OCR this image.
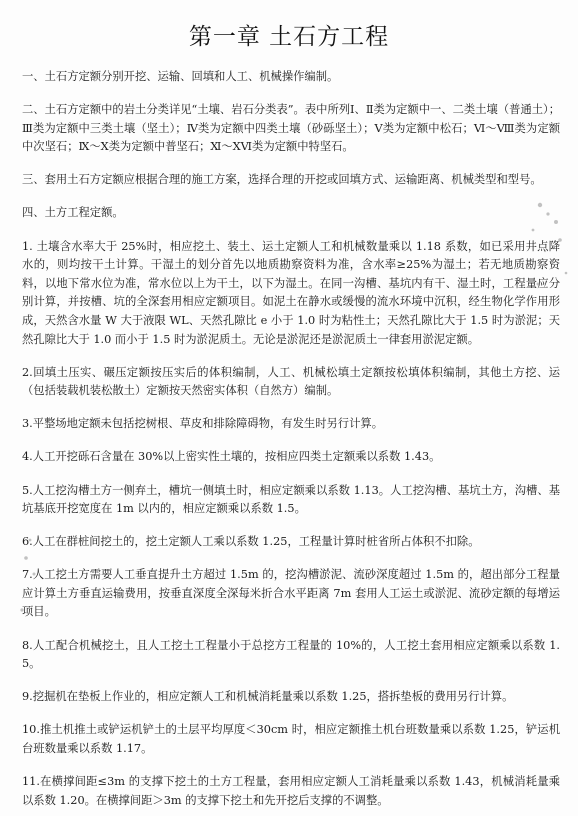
第一章 土石方工程

一、土石方定额分别开挖、运输、回填和人工、机械操作编制。

二、土石方定额中的岩土分类详见“土壤、岩石分类表”。表中所列Ⅰ、Ⅱ类为定额中一、二类土壤（普通土）；Ⅲ类为定额中三类土壤（坚土）；Ⅳ类为定额中四类土壤（砂砾坚土）；Ⅴ类为定额中松石；Ⅵ～Ⅷ类为定额中次坚石；Ⅸ～Ⅹ类为定额中普坚石；Ⅺ～ⅩⅥ类为定额中特坚石。

三、套用土石方定额应根据合理的施工方案，选择合理的开挖或回填方式、运输距离、机械类型和型号。

四、土方工程定额。

1. 土壤含水率大于 25%时，相应挖土、装土、运土定额人工和机械数量乘以 1.18 系数，如已采用井点降水的，则均按干土计算。干湿土的划分首先以地质勘察资料为准，含水率≥25%为湿土；若无地质勘察资料，以地下常水位为准，常水位以上为干土，以下为湿土。在同一沟槽、基坑内有干、湿土时，工程量应分别计算，并按槽、坑的全深套用相应定额项目。如泥土在静水或缓慢的流水环境中沉积，经生物化学作用形成，天然含水量 W 大于液限 WL、天然孔隙比 e 小于 1.0 时为粘性土；天然孔隙比大于 1.5 时为淤泥；天然孔隙比大于 1.0 而小于 1.5 时为淤泥质土。无论是淤泥还是淤泥质土一律套用淤泥定额。

2.回填土压实、碾压定额按压实后的体积编制，人工、机械松填土定额按松填体积编制，其他土方挖、运（包括装载机装松散土）定额按天然密实体积（自然方）编制。

3.平整场地定额未包括挖树根、草皮和排除障碍物，有发生时另行计算。

4.人工开挖砾石含量在 30%以上密实性土壤的，按相应四类土定额乘以系数 1.43。

5.人工挖沟槽土方一侧弃土，槽坑一侧填土时，相应定额乘以系数 1.13。人工挖沟槽、基坑土方，沟槽、基坑基底开挖宽度在 1m 以内的，相应定额乘以系数 1.5。

6.人工在群桩间挖土的，挖土定额人工乘以系数 1.25，工程量计算时桩省所占体积不扣除。

7.人工挖土方需要人工垂直提升土方超过 1.5m 的，挖沟槽淤泥、流砂深度超过 1.5m 的，超出部分工程量应计算土方垂直运输费用，按垂直深度全深每米折合水平距离 7m 套用人工运土或淤泥、流砂定额的每增运项目。

8.人工配合机械挖土，且人工挖土工程量小于总挖方工程量的 10%的，人工挖土套用相应定额乘以系数 1.5。

9.挖掘机在垫板上作业的，相应定额人工和机械消耗量乘以系数 1.25，搭拆垫板的费用另行计算。

10.推土机推土或铲运机铲土的土层平均厚度＜30cm 时，相应定额推土机台班数量乘以系数 1.25，铲运机台班数量乘以系数 1.17。

11.在横撑间距≤3m 的支撑下挖土的土方工程量，套用相应定额人工消耗量乘以系数 1.43，机械消耗量乘以系数 1.20。在横撑间距＞3m 的支撑下挖土和先开挖后支撑的不调整。
